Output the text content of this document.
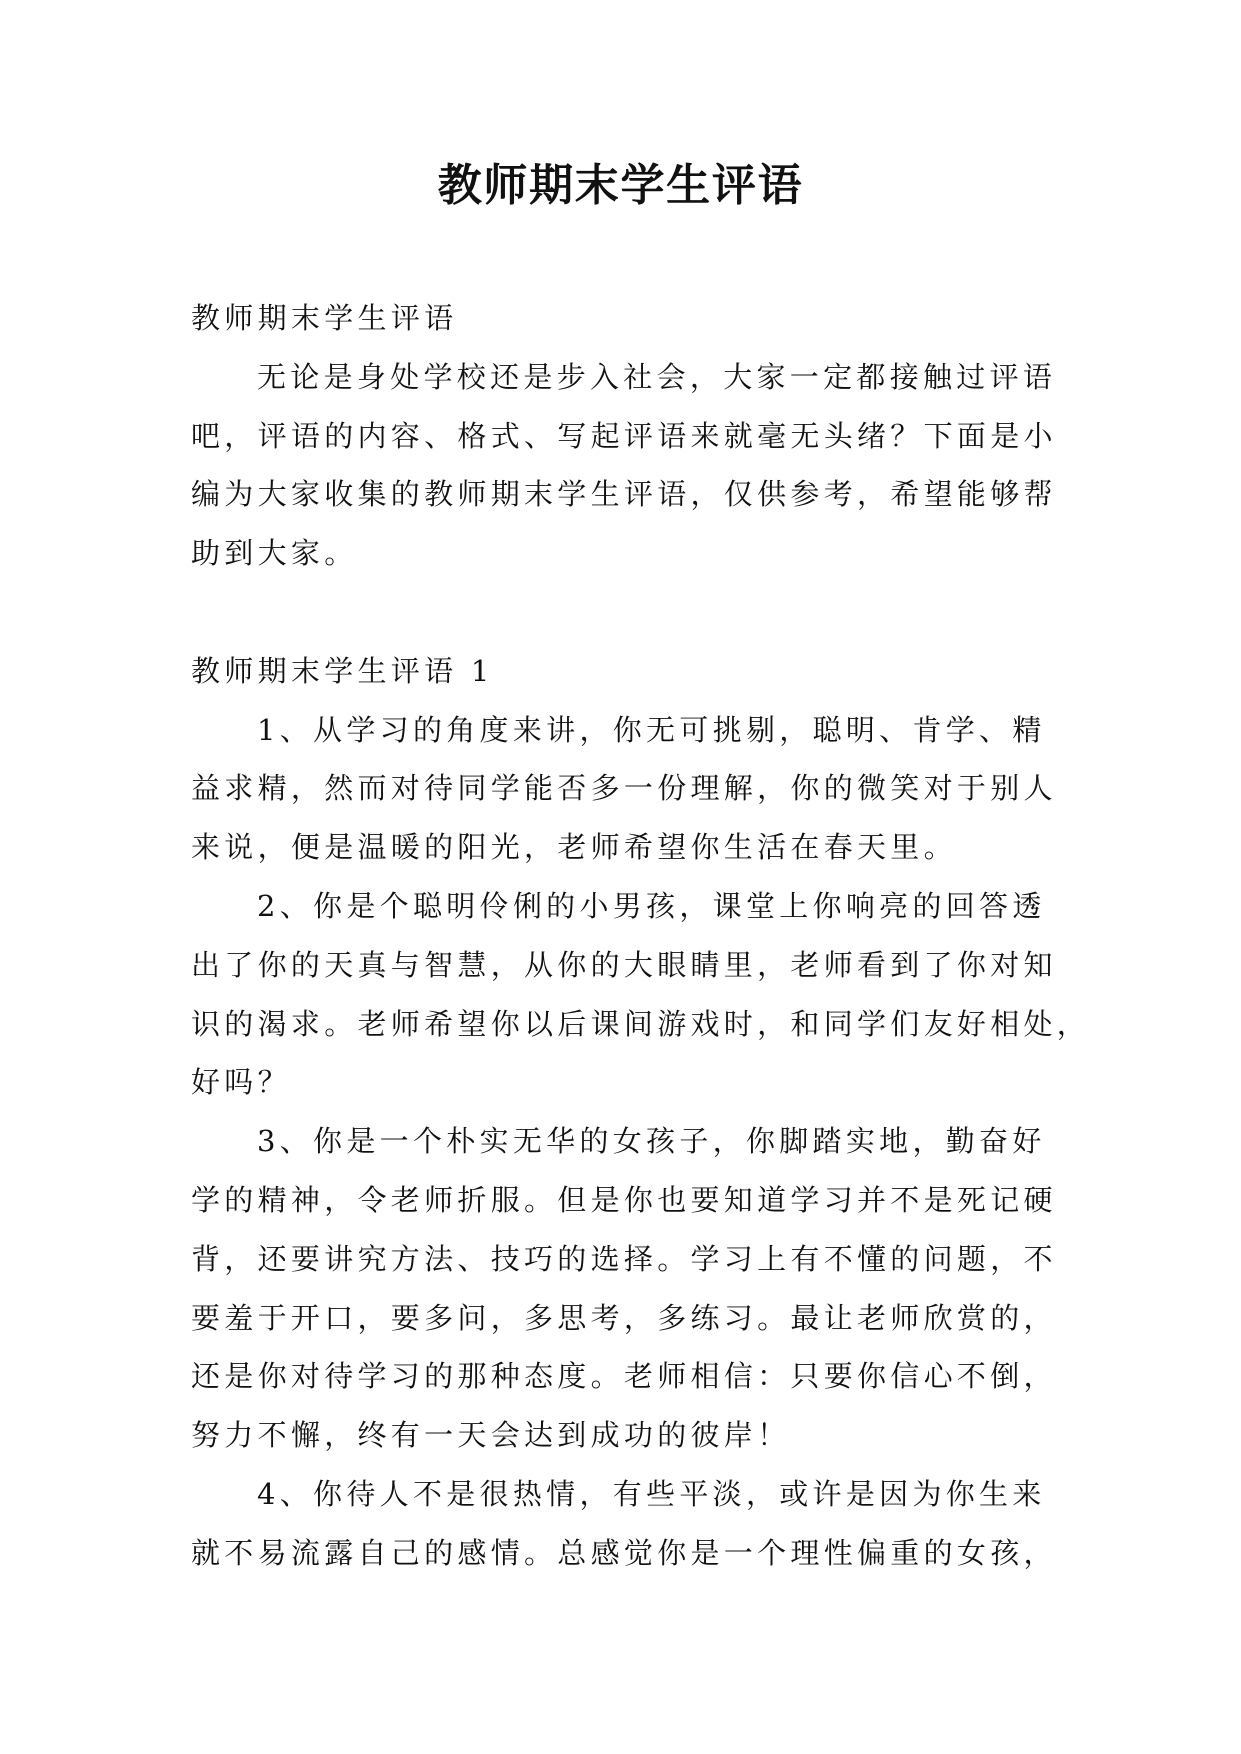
教师期末学生评语
教师期末学生评语
无论是身处学校还是步入社会，大家一定都接触过评语
吧，评语的内容、格式、写起评语来就毫无头绪？下面是小
编为大家收集的教师期末学生评语，仅供参考，希望能够帮
助到大家。
教师期末学生评语 1
1、从学习的角度来讲，你无可挑剔，聪明、肯学、精
益求精，然而对待同学能否多一份理解，你的微笑对于别人
来说，便是温暖的阳光，老师希望你生活在春天里。
2、你是个聪明伶俐的小男孩，课堂上你响亮的回答透
出了你的天真与智慧，从你的大眼睛里，老师看到了你对知
识的渴求。老师希望你以后课间游戏时，和同学们友好相处，
好吗？
3、你是一个朴实无华的女孩子，你脚踏实地，勤奋好
学的精神，令老师折服。但是你也要知道学习并不是死记硬
背，还要讲究方法、技巧的选择。学习上有不懂的问题，不
要羞于开口，要多问，多思考，多练习。最让老师欣赏的，
还是你对待学习的那种态度。老师相信：只要你信心不倒，
努力不懈，终有一天会达到成功的彼岸！
4、你待人不是很热情，有些平淡，或许是因为你生来
就不易流露自己的感情。总感觉你是一个理性偏重的女孩，
